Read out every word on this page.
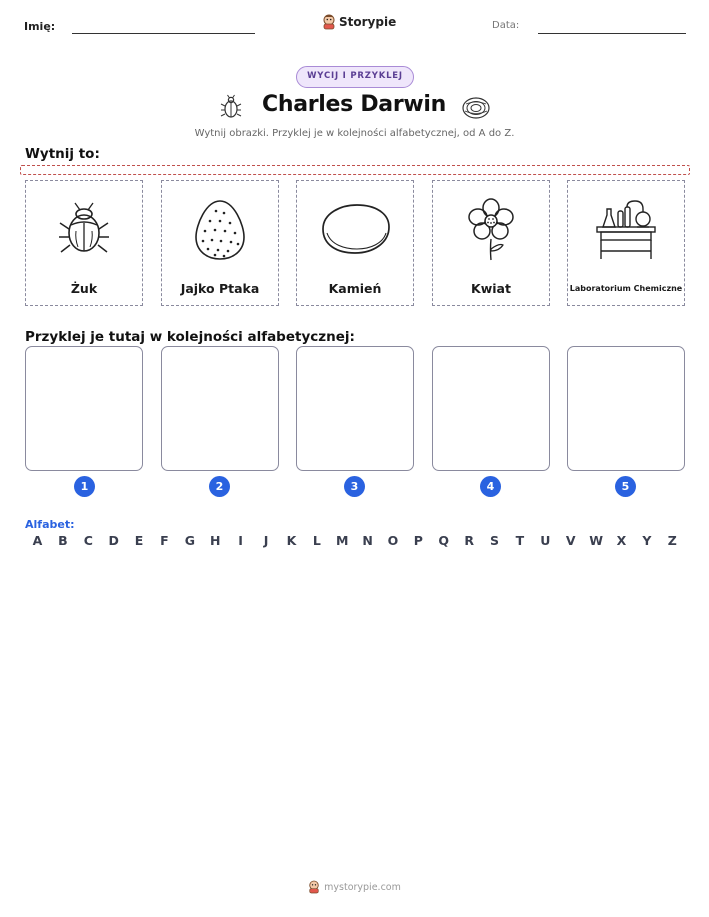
Imię:	Storypie	Data:
WYCIJ I PRZYKLEJ
Charles Darwin
Wytnij obrazki. Przyklej je w kolejności alfabetycznej, od A do Z.
Wytnij to:
Żuk	Jajko Ptaka	Kamień	Kwiat	Laboratorium Chemiczne
Przyklej je tutaj w kolejności alfabetycznej:
1	2	3	4	5
Alfabet:
A	B	C	D	E	F	G	H	I	J	K	L	M	N	O	P	Q	R	S	T	U	V	W	X	Y	Z
mystorypie.com
